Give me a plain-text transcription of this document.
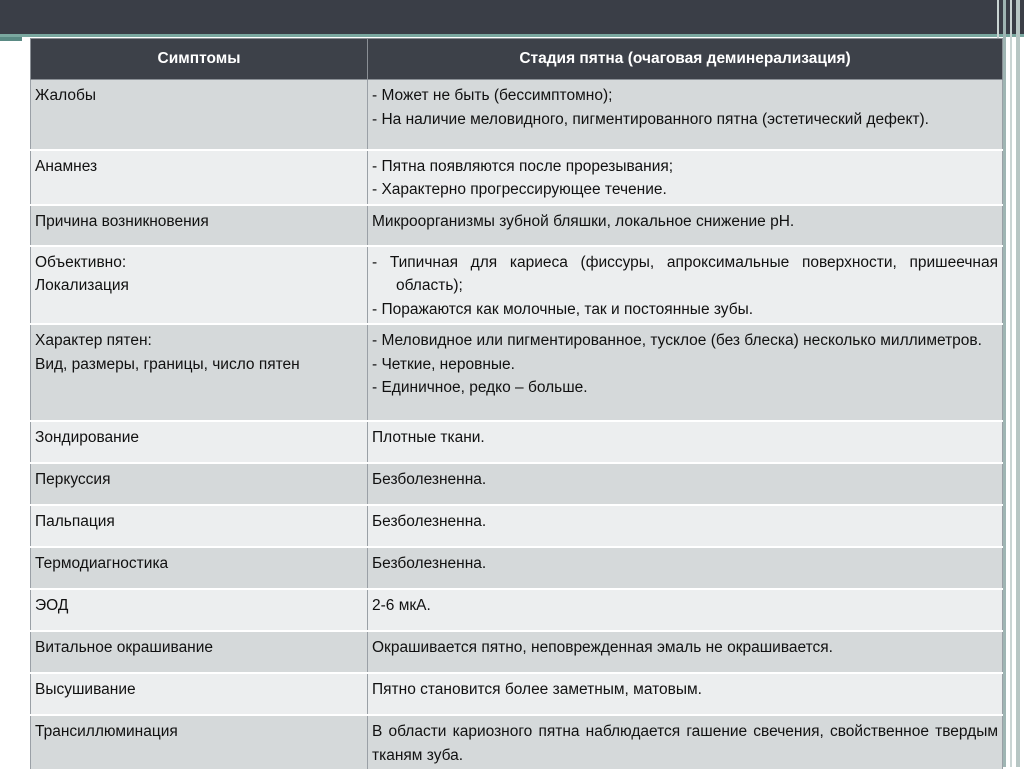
Симптомы	Стадия пятна (очаговая деминерализация)

Жалобы	- Может не быть (бессимптомно);
- На наличие меловидного, пигментированного пятна (эстетический дефект).

Анамнез	- Пятна появляются после прорезывания;
- Характерно прогрессирующее течение.

Причина возникновения	Микроорганизмы зубной бляшки, локальное снижение рН.

Объективно:
Локализация	- Типичная для кариеса (фиссуры, апроксимальные поверхности, пришеечная область);
- Поражаются как молочные, так и постоянные зубы.

Характер пятен:
Вид, размеры, границы, число пятен	- Меловидное или пигментированное, тусклое (без блеска) несколько миллиметров.
- Четкие, неровные.
- Единичное, редко – больше.

Зондирование	Плотные ткани.

Перкуссия	Безболезненна.

Пальпация	Безболезненна.

Термодиагностика	Безболезненна.

ЭОД	2-6 мкА.

Витальное окрашивание	Окрашивается пятно, неповрежденная эмаль не окрашивается.

Высушивание	Пятно становится более заметным, матовым.

Трансиллюминация	В области кариозного пятна наблюдается гашение свечения, свойственное твердым тканям зуба.
